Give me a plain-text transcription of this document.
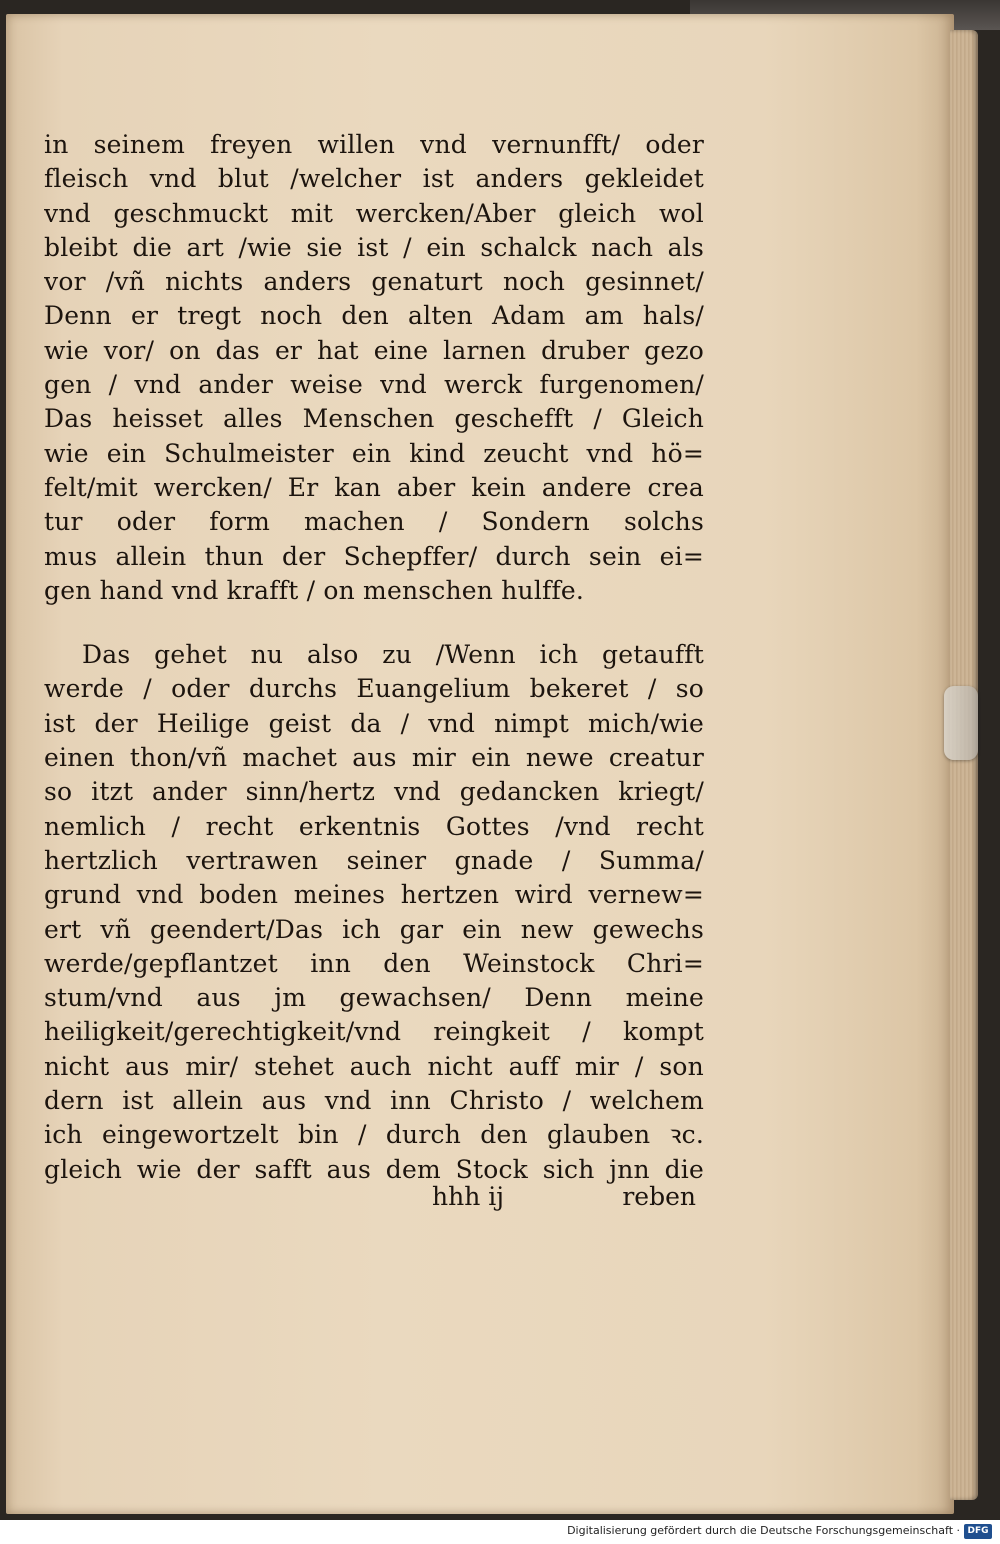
in seinem freyen willen vnd vernunfft/ oder
fleisch vnd blut /welcher ist anders gekleidet
vnd geschmuckt mit wercken/Aber gleich wol
bleibt die art /wie sie ist / ein schalck nach als
vor /vñ nichts anders genaturt noch gesinnet/
Denn er tregt noch den alten Adam am hals/
wie vor/ on das er hat eine larnen druber gezo
gen / vnd ander weise vnd werck furgenomen/
Das heisset alles Menschen geschefft / Gleich
wie ein Schulmeister ein kind zeucht vnd hö=
felt/mit wercken/ Er kan aber kein andere crea
tur oder form machen / Sondern solchs
mus allein thun der Schepffer/ durch sein ei=
gen hand vnd krafft / on menschen hulffe.
Das gehet nu also zu /Wenn ich getaufft
werde / oder durchs Euangelium bekeret / so
ist der Heilige geist da / vnd nimpt mich/wie
einen thon/vñ machet aus mir ein newe creatur
so itzt ander sinn/hertz vnd gedancken kriegt/
nemlich / recht erkentnis Gottes /vnd recht
hertzlich vertrawen seiner gnade / Summa/
grund vnd boden meines hertzen wird vernew=
ert vñ geendert/Das ich gar ein new gewechs
werde/gepflantzet inn den Weinstock Chri=
stum/vnd aus jm gewachsen/ Denn meine
heiligkeit/gerechtigkeit/vnd reingkeit / kompt
nicht aus mir/ stehet auch nicht auff mir / son
dern ist allein aus vnd inn Christo / welchem
ich eingewortzelt bin / durch den glauben ꝛc.
gleich wie der safft aus dem Stock sich jnn die
hhh ij	reben
Digitalisierung gefördert durch die Deutsche Forschungsgemeinschaft · DFG
